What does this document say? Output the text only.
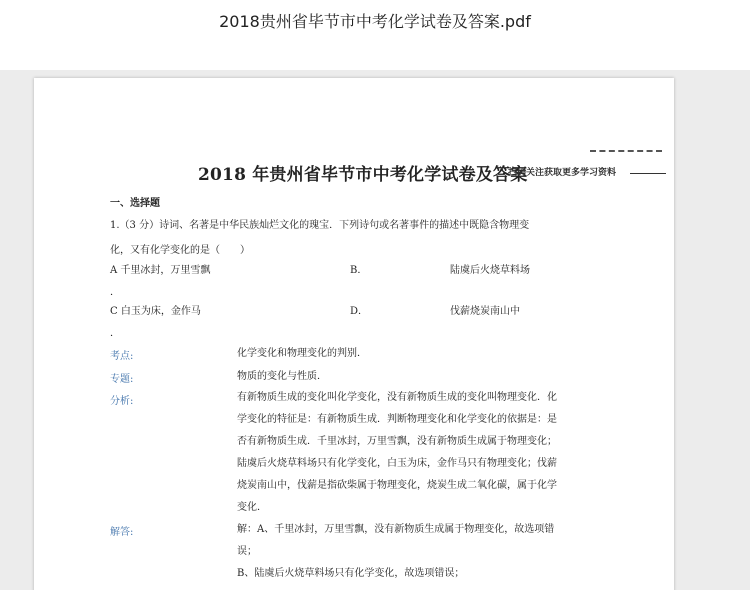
2018贵州省毕节市中考化学试卷及答案.pdf
2018 年贵州省毕节市中考化学试卷及答案
扫码关注获取更多学习资料
一、选择题
1.（3 分）诗词、名著是中华民族灿烂文化的瑰宝．下列诗句或名著事件的描述中既隐含物理变
化，又有化学变化的是（　　）
A 千里冰封，万里雪飘	B．	陆虞后火烧草料场
．
C 白玉为床，金作马	D．	伐薪烧炭南山中
．
考点:	化学变化和物理变化的判别．
专题:	物质的变化与性质．
分析:	有新物质生成的变化叫化学变化，没有新物质生成的变化叫物理变化．化
学变化的特征是：有新物质生成．判断物理变化和化学变化的依据是：是
否有新物质生成．千里冰封，万里雪飘，没有新物质生成属于物理变化；
陆虞后火烧草料场只有化学变化，白玉为床，金作马只有物理变化；伐薪
烧炭南山中，伐薪是指砍柴属于物理变化，烧炭生成二氧化碳，属于化学
变化．
解答:	解：A、千里冰封，万里雪飘，没有新物质生成属于物理变化，故选项错
误；
B、陆虞后火烧草料场只有化学变化，故选项错误；
